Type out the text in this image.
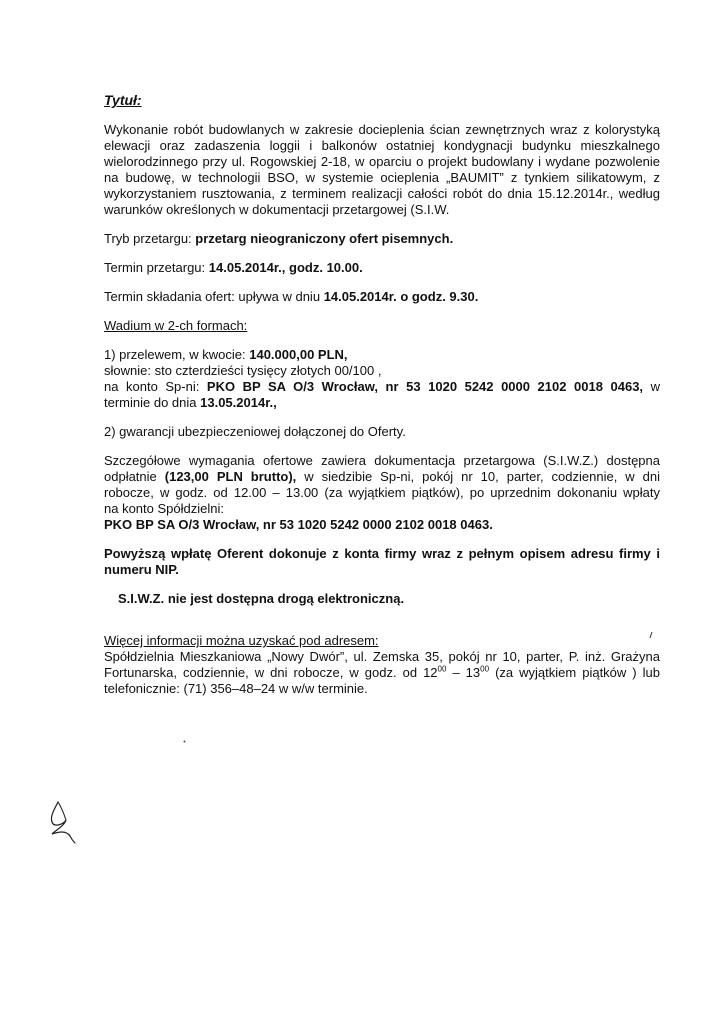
Tytuł:

Wykonanie robót budowlanych w zakresie docieplenia ścian zewnętrznych wraz z kolorystyką elewacji oraz zadaszenia loggii i balkonów ostatniej kondygnacji budynku mieszkalnego wielorodzinnego przy ul. Rogowskiej 2-18, w oparciu o projekt budowlany i wydane pozwolenie na budowę, w technologii BSO, w systemie ocieplenia „BAUMIT” z tynkiem silikatowym, z wykorzystaniem rusztowania, z terminem realizacji całości robót do dnia 15.12.2014r., według warunków określonych w dokumentacji przetargowej (S.I.W.

Tryb przetargu: przetarg nieograniczony ofert pisemnych.

Termin przetargu: 14.05.2014r., godz. 10.00.

Termin składania ofert: upływa w dniu 14.05.2014r. o godz. 9.30.

Wadium w 2-ch formach:

1) przelewem, w kwocie: 140.000,00 PLN,
słownie: sto czterdzieści tysięcy złotych 00/100 ,
na konto Sp-ni: PKO BP SA O/3 Wrocław, nr 53 1020 5242 0000 2102 0018 0463, w
terminie do dnia 13.05.2014r.,

2) gwarancji ubezpieczeniowej dołączonej do Oferty.

Szczegółowe wymagania ofertowe zawiera dokumentacja przetargowa (S.I.W.Z.) dostępna
odpłatnie (123,00 PLN brutto), w siedzibie Sp-ni, pokój nr 10, parter, codziennie, w dni
robocze, w godz. od 12.00 – 13.00 (za wyjątkiem piątków), po uprzednim dokonaniu wpłaty
na konto Spółdzielni:
PKO BP SA O/3 Wrocław, nr 53 1020 5242 0000 2102 0018 0463.

Powyższą wpłatę Oferent dokonuje z konta firmy wraz z pełnym opisem adresu firmy i numeru NIP.

S.I.W.Z. nie jest dostępna drogą elektroniczną.
Więcej informacji można uzyskać pod adresem:
Spółdzielnia Mieszkaniowa „Nowy Dwór”, ul. Zemska 35, pokój nr 10, parter, P. inż. Grażyna
Fortunarska, codziennie, w dni robocze, w godz. od $12^{00} - 13^{00}$ (za wyjątkiem piątków ) lub
telefonicznie: (71) 356–48–24 w w/w terminie.
